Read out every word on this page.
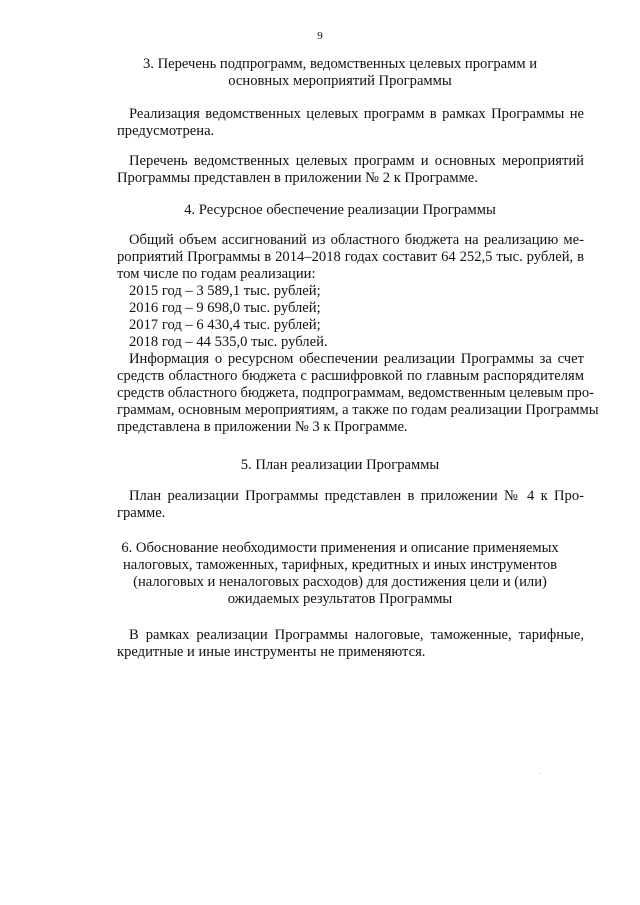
9
3. Перечень подпрограмм, ведомственных целевых программ и
основных мероприятий Программы
Реализация ведомственных целевых программ в рамках Программы не
предусмотрена.
Перечень ведомственных целевых программ и основных мероприятий
Программы представлен в приложении № 2 к Программе.
4. Ресурсное обеспечение реализации Программы
Общий объем ассигнований из областного бюджета на реализацию ме-
роприятий Программы в 2014–2018 годах составит 64 252,5 тыс. рублей, в
том числе по годам реализации:
2015 год – 3 589,1 тыс. рублей;
2016 год – 9 698,0 тыс. рублей;
2017 год – 6 430,4 тыс. рублей;
2018 год – 44 535,0 тыс. рублей.
Информация о ресурсном обеспечении реализации Программы за счет
средств областного бюджета с расшифровкой по главным распорядителям
средств областного бюджета, подпрограммам, ведомственным целевым про-
граммам, основным мероприятиям, а также по годам реализации Программы
представлена в приложении № 3 к Программе.
5. План реализации Программы
План реализации Программы представлен в приложении № 4 к Про-
грамме.
6. Обоснование необходимости применения и описание применяемых
налоговых, таможенных, тарифных, кредитных и иных инструментов
(налоговых и неналоговых расходов) для достижения цели и (или)
ожидаемых результатов Программы
В рамках реализации Программы налоговые, таможенные, тарифные,
кредитные и иные инструменты не применяются.
